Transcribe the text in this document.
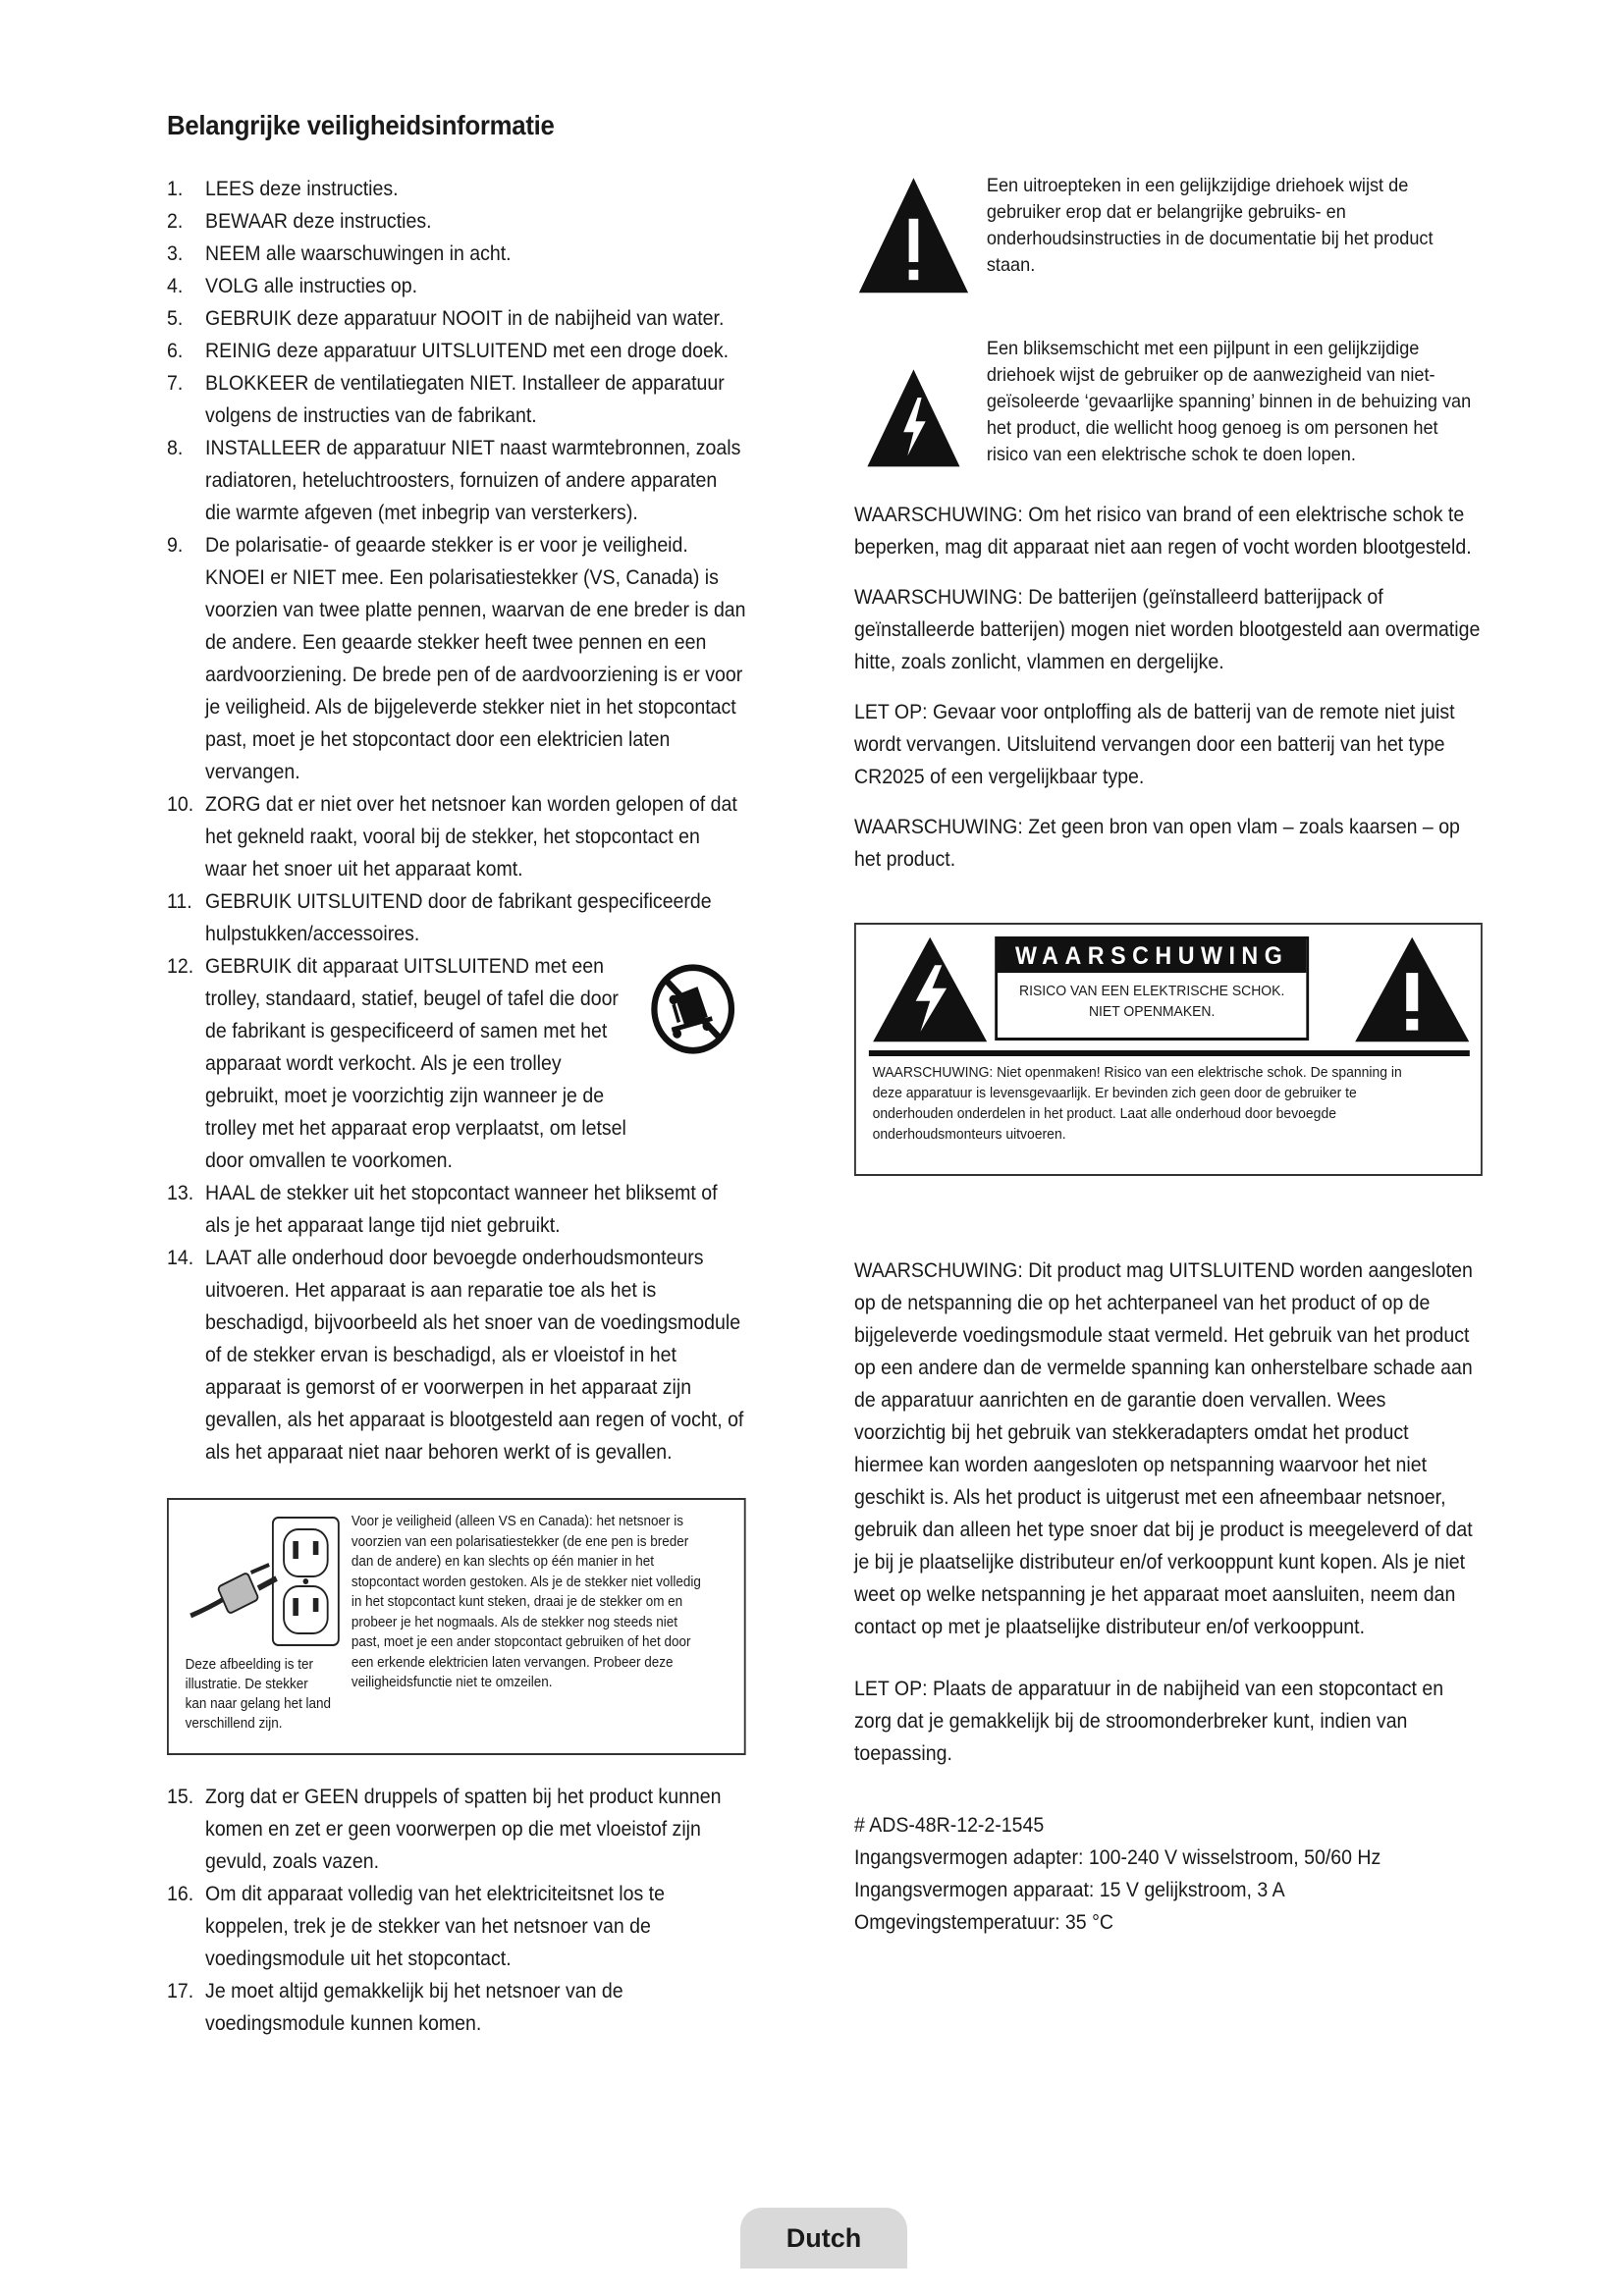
Belangrijke veiligheidsinformatie
1. LEES deze instructies.
2. BEWAAR deze instructies.
3. NEEM alle waarschuwingen in acht.
4. VOLG alle instructies op.
5. GEBRUIK deze apparatuur NOOIT in de nabijheid van water.
6. REINIG deze apparatuur UITSLUITEND met een droge doek.
7. BLOKKEER de ventilatiegaten NIET. Installeer de apparatuur volgens de instructies van de fabrikant.
8. INSTALLEER de apparatuur NIET naast warmtebronnen, zoals radiatoren, heteluchtroosters, fornuizen of andere apparaten die warmte afgeven (met inbegrip van versterkers).
9. De polarisatie- of geaarde stekker is er voor je veiligheid. KNOEI er NIET mee. Een polarisatiestekker (VS, Canada) is voorzien van twee platte pennen, waarvan de ene breder is dan de andere. Een geaarde stekker heeft twee pennen en een aardvoorziening. De brede pen of de aardvoorziening is er voor je veiligheid. Als de bijgeleverde stekker niet in het stopcontact past, moet je het stopcontact door een elektricien laten vervangen.
10. ZORG dat er niet over het netsnoer kan worden gelopen of dat het gekneld raakt, vooral bij de stekker, het stopcontact en waar het snoer uit het apparaat komt.
11. GEBRUIK UITSLUITEND door de fabrikant gespecificeerde hulpstukken/accessoires.
12. GEBRUIK dit apparaat UITSLUITEND met een trolley, standaard, statief, beugel of tafel die door de fabrikant is gespecificeerd of samen met het apparaat wordt verkocht. Als je een trolley gebruikt, moet je voorzichtig zijn wanneer je de trolley met het apparaat erop verplaatst, om letsel door omvallen te voorkomen.
13. HAAL de stekker uit het stopcontact wanneer het bliksemt of als je het apparaat lange tijd niet gebruikt.
14. LAAT alle onderhoud door bevoegde onderhoudsmonteurs uitvoeren. Het apparaat is aan reparatie toe als het is beschadigd, bijvoorbeeld als het snoer van de voedingsmodule of de stekker ervan is beschadigd, als er vloeistof in het apparaat is gemorst of er voorwerpen in het apparaat zijn gevallen, als het apparaat is blootgesteld aan regen of vocht, of als het apparaat niet naar behoren werkt of is gevallen.
Deze afbeelding is ter illustratie. De stekker kan naar gelang het land verschillend zijn.
Voor je veiligheid (alleen VS en Canada): het netsnoer is voorzien van een polarisatiestekker (de ene pen is breder dan de andere) en kan slechts op één manier in het stopcontact worden gestoken. Als je de stekker niet volledig in het stopcontact kunt steken, draai je de stekker om en probeer je het nogmaals. Als de stekker nog steeds niet past, moet je een ander stopcontact gebruiken of het door een erkende elektricien laten vervangen. Probeer deze veiligheidsfunctie niet te omzeilen.
15. Zorg dat er GEEN druppels of spatten bij het product kunnen komen en zet er geen voorwerpen op die met vloeistof zijn gevuld, zoals vazen.
16. Om dit apparaat volledig van het elektriciteitsnet los te koppelen, trek je de stekker van het netsnoer van de voedingsmodule uit het stopcontact.
17. Je moet altijd gemakkelijk bij het netsnoer van de voedingsmodule kunnen komen.
Een uitroepteken in een gelijkzijdige driehoek wijst de gebruiker erop dat er belangrijke gebruiks- en onderhoudsinstructies in de documentatie bij het product staan.
Een bliksemschicht met een pijlpunt in een gelijkzijdige driehoek wijst de gebruiker op de aanwezigheid van niet-geïsoleerde ‘gevaarlijke spanning’ binnen in de behuizing van het product, die wellicht hoog genoeg is om personen het risico van een elektrische schok te doen lopen.

WAARSCHUWING: Om het risico van brand of een elektrische schok te beperken, mag dit apparaat niet aan regen of vocht worden blootgesteld.

WAARSCHUWING: De batterijen (geïnstalleerd batterijpack of geïnstalleerde batterijen) mogen niet worden blootgesteld aan overmatige hitte, zoals zonlicht, vlammen en dergelijke.

LET OP: Gevaar voor ontploffing als de batterij van de remote niet juist wordt vervangen. Uitsluitend vervangen door een batterij van het type CR2025 of een vergelijkbaar type.

WAARSCHUWING: Zet geen bron van open vlam – zoals kaarsen – op het product.

WAARSCHUWING
RISICO VAN EEN ELEKTRISCHE SCHOK.
NIET OPENMAKEN.
WAARSCHUWING: Niet openmaken! Risico van een elektrische schok. De spanning in deze apparatuur is levensgevaarlijk. Er bevinden zich geen door de gebruiker te onderhouden onderdelen in het product. Laat alle onderhoud door bevoegde onderhoudsmonteurs uitvoeren.

WAARSCHUWING: Dit product mag UITSLUITEND worden aangesloten op de netspanning die op het achterpaneel van het product of op de bijgeleverde voedingsmodule staat vermeld. Het gebruik van het product op een andere dan de vermelde spanning kan onherstelbare schade aan de apparatuur aanrichten en de garantie doen vervallen. Wees voorzichtig bij het gebruik van stekkeradapters omdat het product hiermee kan worden aangesloten op netspanning waarvoor het niet geschikt is. Als het product is uitgerust met een afneembaar netsnoer, gebruik dan alleen het type snoer dat bij je product is meegeleverd of dat je bij je plaatselijke distributeur en/of verkooppunt kunt kopen. Als je niet weet op welke netspanning je het apparaat moet aansluiten, neem dan contact op met je plaatselijke distributeur en/of verkooppunt.

LET OP: Plaats de apparatuur in de nabijheid van een stopcontact en zorg dat je gemakkelijk bij de stroomonderbreker kunt, indien van toepassing.

# ADS-48R-12-2-1545
Ingangsvermogen adapter: 100-240 V wisselstroom, 50/60 Hz
Ingangsvermogen apparaat: 15 V gelijkstroom, 3 A
Omgevingstemperatuur: 35 °C
Dutch
